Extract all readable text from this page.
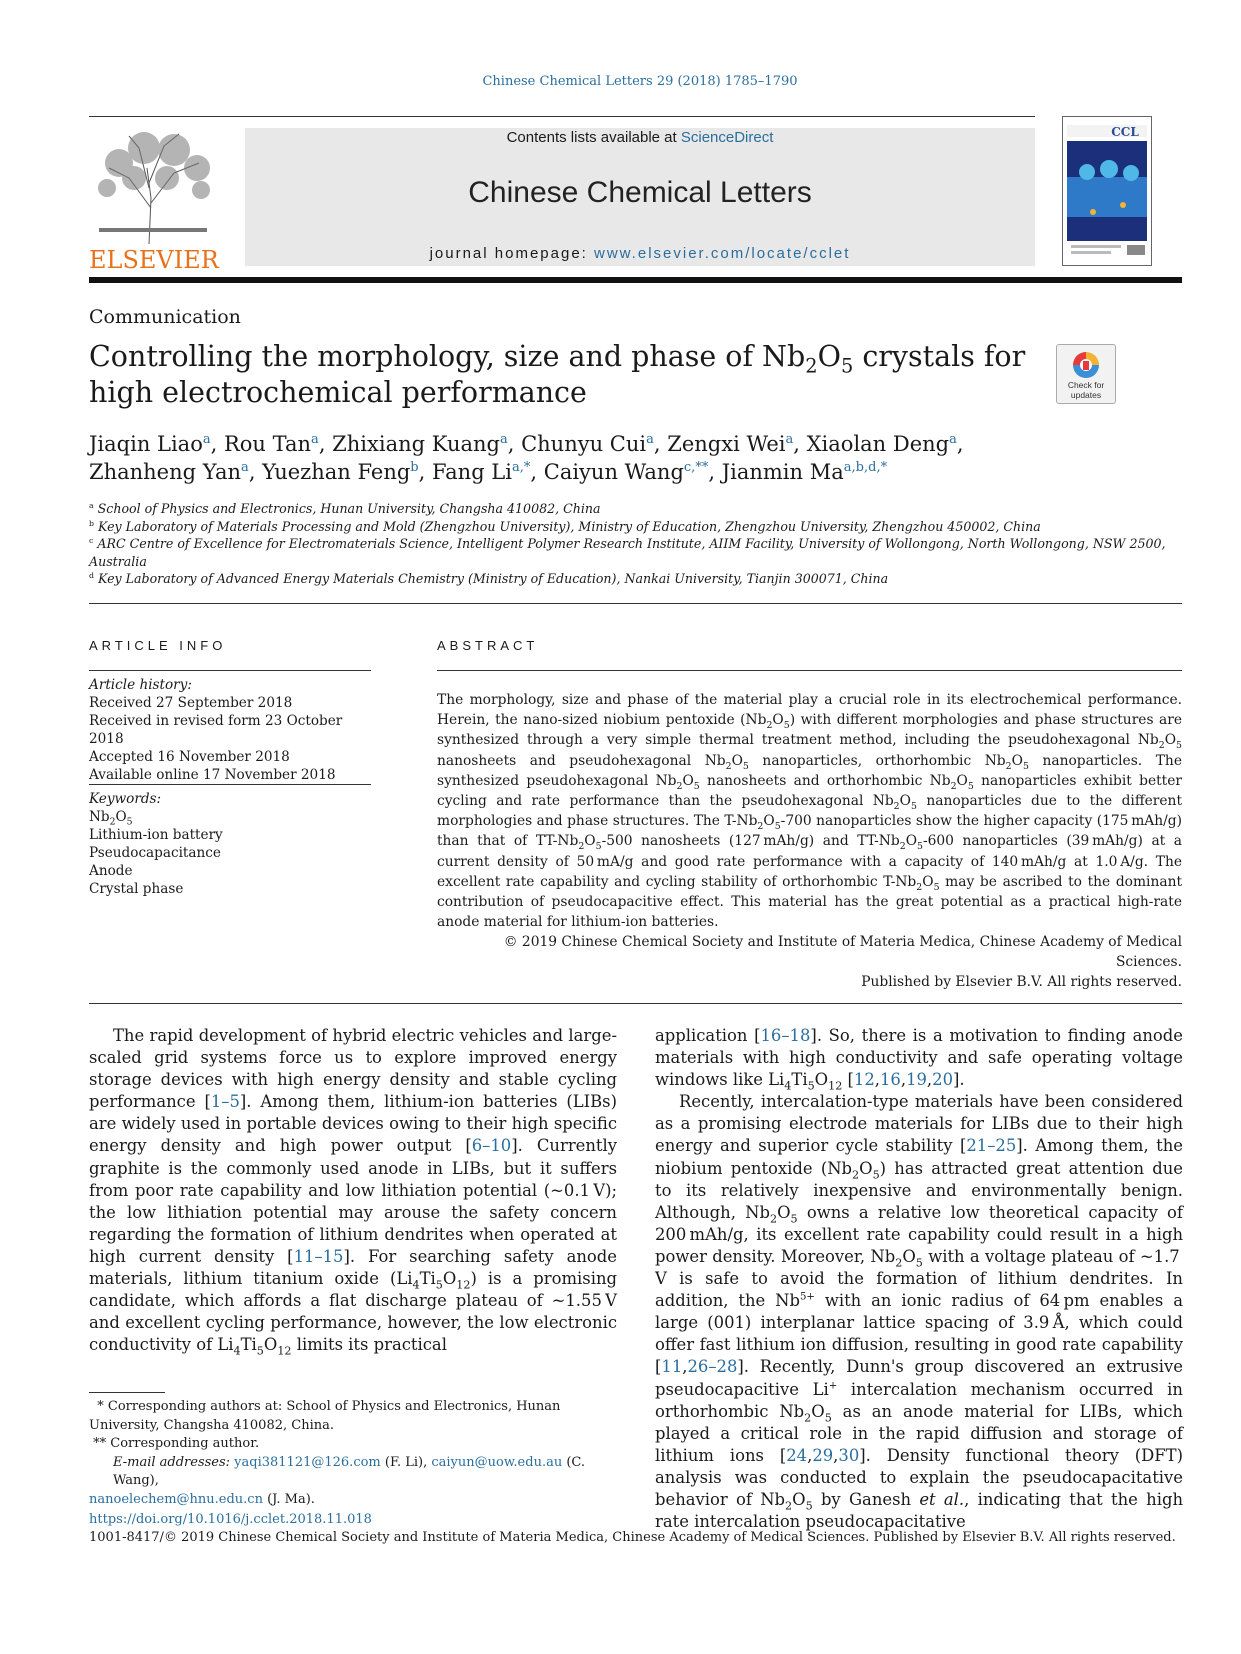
Chinese Chemical Letters 29 (2018) 1785–1790
ELSEVIER
Contents lists available at ScienceDirect
Chinese Chemical Letters
journal homepage: www.elsevier.com/locate/cclet
CCL
Communication
Controlling the morphology, size and phase of $Nb_2O_5$ crystals for high electrochemical performance	Check for
updates
Jiaqin Liao$^a$, Rou Tan$^a$, Zhixiang Kuang$^a$, Chunyu Cui$^a$, Zengxi Wei$^a$, Xiaolan Deng$^a$,
Zhanheng Yan$^a$, Yuezhan Feng$^b$, Fang $Li^{a,*}$, Caiyun Wang$^{c,**}$, Jianmin $Ma^{a,b,d,*}$
$^a$ School of Physics and Electronics, Hunan University, Changsha 410082, China
$^b$ Key Laboratory of Materials Processing and Mold (Zhengzhou University), Ministry of Education, Zhengzhou University, Zhengzhou 450002, China
$^c$ ARC Centre of Excellence for Electromaterials Science, Intelligent Polymer Research Institute, AIIM Facility, University of Wollongong, North Wollongong, NSW 2500, Australia
$^d$ Key Laboratory of Advanced Energy Materials Chemistry (Ministry of Education), Nankai University, Tianjin 300071, China
ARTICLE INFO	ABSTRACT
Article history:
Received 27 September 2018
Received in revised form 23 October 2018
Accepted 16 November 2018
Available online 17 November 2018
Keywords:
$Nb_2O_5$
Lithium-ion battery
Pseudocapacitance
Anode
Crystal phase
The morphology, size and phase of the material play a crucial role in its electrochemical performance. Herein, the nano-sized niobium pentoxide $(Nb_2O_5)$ with different morphologies and phase structures are synthesized through a very simple thermal treatment method, including the pseudohexagonal $Nb_2O_5$ nanosheets and pseudohexagonal $Nb_2O_5$ nanoparticles, orthorhombic $Nb_2O_5$ nanoparticles. The synthesized pseudohexagonal $Nb_2O_5$ nanosheets and orthorhombic $Nb_2O_5$ nanoparticles exhibit better cycling and rate performance than the pseudohexagonal $Nb_2O_5$ nanoparticles due to the different morphologies and phase structures. The $T-Nb_2O_5-700$ nanoparticles show the higher capacity (175 mAh/g) than that of $TT-Nb_2O_5-500$ nanosheets (127 mAh/g) and $TT-Nb_2O_5-600$ nanoparticles (39 mAh/g) at a current density of 50 mA/g and good rate performance with a capacity of 140 mAh/g at 1.0 A/g. The excellent rate capability and cycling stability of orthorhombic $T-Nb_2O_5$ may be ascribed to the dominant contribution of pseudocapacitive effect. This material has the great potential as a practical high-rate anode material for lithium-ion batteries.
© 2019 Chinese Chemical Society and Institute of Materia Medica, Chinese Academy of Medical Sciences.
Published by Elsevier B.V. All rights reserved.

The rapid development of hybrid electric vehicles and large-scaled grid systems force us to explore improved energy storage devices with high energy density and stable cycling performance [1–5]. Among them, lithium-ion batteries (LIBs) are widely used in portable devices owing to their high specific energy density and high power output [6–10]. Currently graphite is the commonly used anode in LIBs, but it suffers from poor rate capability and low lithiation potential (~0.1 V); the low lithiation potential may arouse the safety concern regarding the formation of lithium dendrites when operated at high current density [11–15]. For searching safety anode materials, lithium titanium oxide $(Li_4Ti_5O_{12})$ is a promising candidate, which affords a flat discharge plateau of ~1.55 V and excellent cycling performance, however, the low electronic conductivity of $Li_4Ti_5O_{12}$ limits its practical

application [16–18]. So, there is a motivation to finding anode materials with high conductivity and safe operating voltage windows like $Li_4Ti_5O_{12}$ [12,16,19,20].

Recently, intercalation-type materials have been considered as a promising electrode materials for LIBs due to their high energy and superior cycle stability [21–25]. Among them, the niobium pentoxide $(Nb_2O_5)$ has attracted great attention due to its relatively inexpensive and environmentally benign. Although, $Nb_2O_5$ owns a relative low theoretical capacity of 200 mAh/g, its excellent rate capability could result in a high power density. Moreover, $Nb_2O_5$ with a voltage plateau of ~1.7 V is safe to avoid the formation of lithium dendrites. In addition, the $Nb^{5+}$ with an ionic radius of 64 pm enables a large (001) interplanar lattice spacing of 3.9 Å, which could offer fast lithium ion diffusion, resulting in good rate capability [11,26–28]. Recently, Dunn's group discovered an extrusive pseudocapacitive Li+ intercalation mechanism occurred in orthorhombic $Nb_2O_5$ as an anode material for LIBs, which played a critical role in the rapid diffusion and storage of lithium ions [24,29,30]. Density functional theory (DFT) analysis was conducted to explain the pseudocapacitative behavior of $Nb_2O_5$ by Ganesh et al., indicating that the high rate intercalation pseudocapacitative

* Corresponding authors at: School of Physics and Electronics, Hunan University, Changsha 410082, China.
** Corresponding author.
E-mail addresses: yaqi381121@126.com (F. Li), caiyun@uow.edu.au (C. Wang),
nanoelechem@hnu.edu.cn (J. Ma).
https://doi.org/10.1016/j.cclet.2018.11.018
1001-8417/© 2019 Chinese Chemical Society and Institute of Materia Medica, Chinese Academy of Medical Sciences. Published by Elsevier B.V. All rights reserved.
